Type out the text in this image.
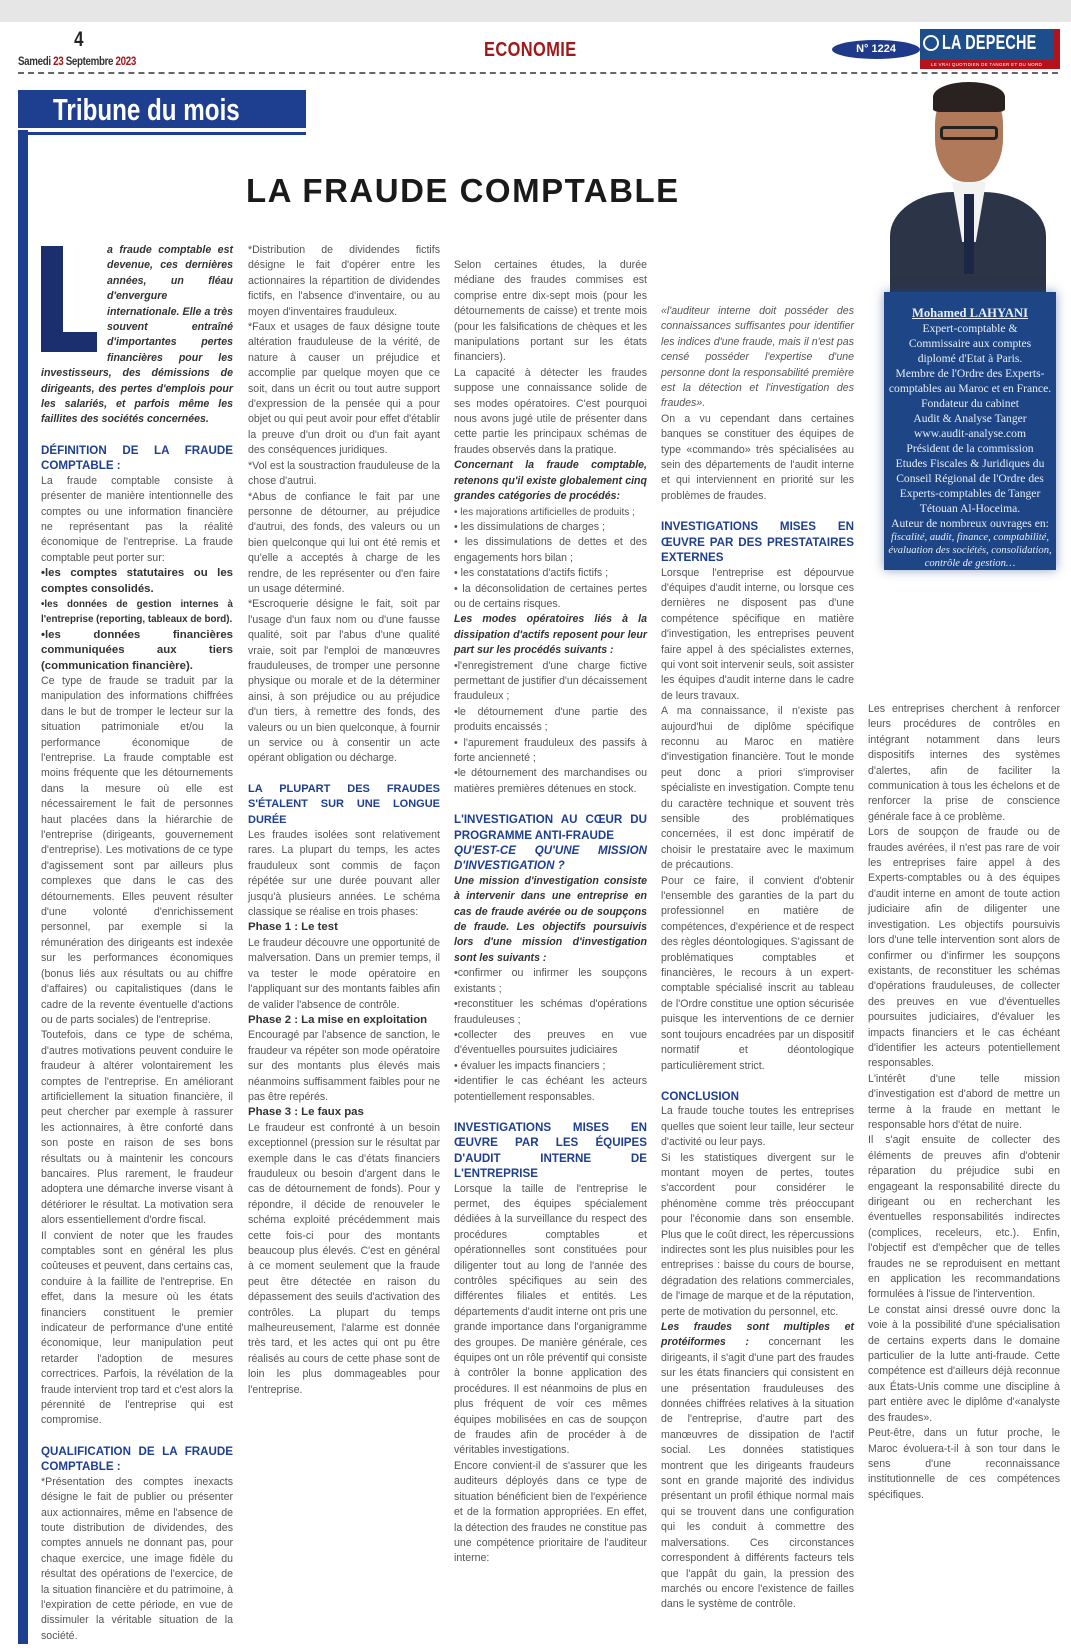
4
Samedi 23 Septembre 2023
ECONOMIE	N° 1224
LE VRAI QUOTIDIEN DE TANGER ET DU NORD
LA DEPECHE
Tribune du mois
LA FRAUDE COMPTABLE
Mohamed LAHYANI
Expert-comptable &
Commissaire aux comptes
diplomé d'Etat à Paris.
Membre de l'Ordre des Experts-
comptables au Maroc et en France.
Fondateur du cabinet
Audit & Analyse Tanger
www.audit-analyse.com
Président de la commission
Etudes Fiscales & Juridiques du
Conseil Régional de l'Ordre des
Experts-comptables de Tanger
Tétouan Al-Hoceima.
Auteur de nombreux ouvrages en:
fiscalité, audit, finance, comptabilité, évaluation des sociétés, consolidation, contrôle de gestion…

a fraude comptable est devenue, ces dernières années, un fléau d'envergure internationale. Elle a très souvent entraîné d'importantes pertes financières pour les investisseurs, des démissions de dirigeants, des pertes d'emplois pour les salariés, et parfois même les faillites des sociétés concernées.

DÉFINITION DE LA FRAUDE COMPTABLE :

La fraude comptable consiste à présenter de manière intentionnelle des comptes ou une information financière ne représentant pas la réalité économique de l'entreprise. La fraude comptable peut porter sur:

•les comptes statutaires ou les comptes consolidés.

•les données de gestion internes à l'entreprise (reporting, tableaux de bord).

•les données financières communiquées aux tiers (communication financière).

Ce type de fraude se traduit par la manipulation des informations chiffrées dans le but de tromper le lecteur sur la situation patrimoniale et/ou la performance économique de l'entreprise. La fraude comptable est moins fréquente que les détournements dans la mesure où elle est nécessairement le fait de personnes haut placées dans la hiérarchie de l'entreprise (dirigeants, gouvernement d'entreprise). Les motivations de ce type d'agissement sont par ailleurs plus complexes que dans le cas des détournements. Elles peuvent résulter d'une volonté d'enrichissement personnel, par exemple si la rémunération des dirigeants est indexée sur les performances économiques (bonus liés aux résultats ou au chiffre d'affaires) ou capitalistiques (dans le cadre de la revente éventuelle d'actions ou de parts sociales) de l'entreprise.

Toutefois, dans ce type de schéma, d'autres motivations peuvent conduire le fraudeur à altérer volontairement les comptes de l'entreprise. En améliorant artificiellement la situation financière, il peut chercher par exemple à rassurer les actionnaires, à être conforté dans son poste en raison de ses bons résultats ou à maintenir les concours bancaires. Plus rarement, le fraudeur adoptera une démarche inverse visant à détériorer le résultat. La motivation sera alors essentiellement d'ordre fiscal.

Il convient de noter que les fraudes comptables sont en général les plus coûteuses et peuvent, dans certains cas, conduire à la faillite de l'entreprise. En effet, dans la mesure où les états financiers constituent le premier indicateur de performance d'une entité économique, leur manipulation peut retarder l'adoption de mesures correctrices. Parfois, la révélation de la fraude intervient trop tard et c'est alors la pérennité de l'entreprise qui est compromise.

QUALIFICATION DE LA FRAUDE COMPTABLE :

*Présentation des comptes inexacts désigne le fait de publier ou présenter aux actionnaires, même en l'absence de toute distribution de dividendes, des comptes annuels ne donnant pas, pour chaque exercice, une image fidèle du résultat des opérations de l'exercice, de la situation financière et du patrimoine, à l'expiration de cette période, en vue de dissimuler la véritable situation de la société.

*Distribution de dividendes fictifs désigne le fait d'opérer entre les actionnaires la répartition de dividendes fictifs, en l'absence d'inventaire, ou au moyen d'inventaires frauduleux.

*Faux et usages de faux désigne toute altération frauduleuse de la vérité, de nature à causer un préjudice et accomplie par quelque moyen que ce soit, dans un écrit ou tout autre support d'expression de la pensée qui a pour objet ou qui peut avoir pour effet d'établir la preuve d'un droit ou d'un fait ayant des conséquences juridiques.

*Vol est la soustraction frauduleuse de la chose d'autrui.

*Abus de confiance le fait par une personne de détourner, au préjudice d'autrui, des fonds, des valeurs ou un bien quelconque qui lui ont été remis et qu'elle a acceptés à charge de les rendre, de les représenter ou d'en faire un usage déterminé.

*Escroquerie désigne le fait, soit par l'usage d'un faux nom ou d'une fausse qualité, soit par l'abus d'une qualité vraie, soit par l'emploi de manœuvres frauduleuses, de tromper une personne physique ou morale et de la déterminer ainsi, à son préjudice ou au préjudice d'un tiers, à remettre des fonds, des valeurs ou un bien quelconque, à fournir un service ou à consentir un acte opérant obligation ou décharge.

LA PLUPART DES FRAUDES S'ÉTALENT SUR UNE LONGUE DURÉE

Les fraudes isolées sont relativement rares. La plupart du temps, les actes frauduleux sont commis de façon répétée sur une durée pouvant aller jusqu'à plusieurs années. Le schéma classique se réalise en trois phases:

Phase 1 : Le test

Le fraudeur découvre une opportunité de malversation. Dans un premier temps, il va tester le mode opératoire en l'appliquant sur des montants faibles afin de valider l'absence de contrôle.

Phase 2 : La mise en exploitation

Encouragé par l'absence de sanction, le fraudeur va répéter son mode opératoire sur des montants plus élevés mais néanmoins suffisamment faibles pour ne pas être repérés.

Phase 3 : Le faux pas

Le fraudeur est confronté à un besoin exceptionnel (pression sur le résultat par exemple dans le cas d'états financiers frauduleux ou besoin d'argent dans le cas de détournement de fonds). Pour y répondre, il décide de renouveler le schéma exploité précédemment mais cette fois-ci pour des montants beaucoup plus élevés. C'est en général à ce moment seulement que la fraude peut être détectée en raison du dépassement des seuils d'activation des contrôles. La plupart du temps malheureusement, l'alarme est donnée très tard, et les actes qui ont pu être réalisés au cours de cette phase sont de loin les plus dommageables pour l'entreprise.

Selon certaines études, la durée médiane des fraudes commises est comprise entre dix-sept mois (pour les détournements de caisse) et trente mois (pour les falsifications de chèques et les manipulations portant sur les états financiers).

La capacité à détecter les fraudes suppose une connaissance solide de ses modes opératoires. C'est pourquoi nous avons jugé utile de présenter dans cette partie les principaux schémas de fraudes observés dans la pratique.

Concernant la fraude comptable, retenons qu'il existe globalement cinq grandes catégories de procédés:

• les majorations artificielles de produits ;

• les dissimulations de charges ;

• les dissimulations de dettes et des engagements hors bilan ;

• les constatations d'actifs fictifs ;

• la déconsolidation de certaines pertes ou de certains risques.

Les modes opératoires liés à la dissipation d'actifs reposent pour leur part sur les procédés suivants :

•l'enregistrement d'une charge fictive permettant de justifier d'un décaissement frauduleux ;

•le détournement d'une partie des produits encaissés ;

• l'apurement frauduleux des passifs à forte ancienneté ;

•le détournement des marchandises ou matières premières détenues en stock.

L'INVESTIGATION AU CŒUR DU PROGRAMME ANTI-FRAUDE
QU'EST-CE QU'UNE MISSION D'INVESTIGATION ?

Une mission d'investigation consiste à intervenir dans une entreprise en cas de fraude avérée ou de soupçons de fraude. Les objectifs poursuivis lors d'une mission d'investigation sont les suivants :

•confirmer ou infirmer les soupçons existants ;

•reconstituer les schémas d'opérations frauduleuses ;

•collecter des preuves en vue d'éventuelles poursuites judiciaires

• évaluer les impacts financiers ;

•identifier le cas échéant les acteurs potentiellement responsables.

INVESTIGATIONS MISES EN ŒUVRE PAR LES ÉQUIPES D'AUDIT INTERNE DE L'ENTREPRISE

Lorsque la taille de l'entreprise le permet, des équipes spécialement dédiées à la surveillance du respect des procédures comptables et opérationnelles sont constituées pour diligenter tout au long de l'année des contrôles spécifiques au sein des différentes filiales et entités. Les départements d'audit interne ont pris une grande importance dans l'organigramme des groupes. De manière générale, ces équipes ont un rôle préventif qui consiste à contrôler la bonne application des procédures. Il est néanmoins de plus en plus fréquent de voir ces mêmes équipes mobilisées en cas de soupçon de fraudes afin de procéder à de véritables investigations.

Encore convient-il de s'assurer que les auditeurs déployés dans ce type de situation bénéficient bien de l'expérience et de la formation appropriées. En effet, la détection des fraudes ne constitue pas une compétence prioritaire de l'auditeur interne:

«l'auditeur interne doit posséder des connaissances suffisantes pour identifier les indices d'une fraude, mais il n'est pas censé posséder l'expertise d'une personne dont la responsabilité première est la détection et l'investigation des fraudes».

On a vu cependant dans certaines banques se constituer des équipes de type «commando» très spécialisées au sein des départements de l'audit interne et qui interviennent en priorité sur les problèmes de fraudes.

INVESTIGATIONS MISES EN ŒUVRE PAR DES PRESTATAIRES EXTERNES

Lorsque l'entreprise est dépourvue d'équipes d'audit interne, ou lorsque ces dernières ne disposent pas d'une compétence spécifique en matière d'investigation, les entreprises peuvent faire appel à des spécialistes externes, qui vont soit intervenir seuls, soit assister les équipes d'audit interne dans le cadre de leurs travaux.

A ma connaissance, il n'existe pas aujourd'hui de diplôme spécifique reconnu au Maroc en matière d'investigation financière. Tout le monde peut donc a priori s'improviser spécialiste en investigation. Compte tenu du caractère technique et souvent très sensible des problématiques concernées, il est donc impératif de choisir le prestataire avec le maximum de précautions.

Pour ce faire, il convient d'obtenir l'ensemble des garanties de la part du professionnel en matière de compétences, d'expérience et de respect des règles déontologiques. S'agissant de problématiques comptables et financières, le recours à un expert-comptable spécialisé inscrit au tableau de l'Ordre constitue une option sécurisée puisque les interventions de ce dernier sont toujours encadrées par un dispositif normatif et déontologique particulièrement strict.

CONCLUSION

La fraude touche toutes les entreprises quelles que soient leur taille, leur secteur d'activité ou leur pays.

Si les statistiques divergent sur le montant moyen de pertes, toutes s'accordent pour considérer le phénomène comme très préoccupant pour l'économie dans son ensemble. Plus que le coût direct, les répercussions indirectes sont les plus nuisibles pour les entreprises : baisse du cours de bourse, dégradation des relations commerciales, de l'image de marque et de la réputation, perte de motivation du personnel, etc.

Les fraudes sont multiples et protéiformes : concernant les dirigeants, il s'agit d'une part des fraudes sur les états financiers qui consistent en une présentation frauduleuses des données chiffrées relatives à la situation de l'entreprise, d'autre part des manœuvres de dissipation de l'actif social. Les données statistiques montrent que les dirigeants fraudeurs sont en grande majorité des individus présentant un profil éthique normal mais qui se trouvent dans une configuration qui les conduit à commettre des malversations. Ces circonstances correspondent à différents facteurs tels que l'appât du gain, la pression des marchés ou encore l'existence de failles dans le système de contrôle.

Les entreprises cherchent à renforcer leurs procédures de contrôles en intégrant notamment dans leurs dispositifs internes des systèmes d'alertes, afin de faciliter la communication à tous les échelons et de renforcer la prise de conscience générale face à ce problème.

Lors de soupçon de fraude ou de fraudes avérées, il n'est pas rare de voir les entreprises faire appel à des Experts-comptables ou à des équipes d'audit interne en amont de toute action judiciaire afin de diligenter une investigation. Les objectifs poursuivis lors d'une telle intervention sont alors de confirmer ou d'infirmer les soupçons existants, de reconstituer les schémas d'opérations frauduleuses, de collecter des preuves en vue d'éventuelles poursuites judiciaires, d'évaluer les impacts financiers et le cas échéant d'identifier les acteurs potentiellement responsables.

L'intérêt d'une telle mission d'investigation est d'abord de mettre un terme à la fraude en mettant le responsable hors d'état de nuire.

Il s'agit ensuite de collecter des éléments de preuves afin d'obtenir réparation du préjudice subi en engageant la responsabilité directe du dirigeant ou en recherchant les éventuelles responsabilités indirectes (complices, receleurs, etc.). Enfin, l'objectif est d'empêcher que de telles fraudes ne se reproduisent en mettant en application les recommandations formulées à l'issue de l'intervention.

Le constat ainsi dressé ouvre donc la voie à la possibilité d'une spécialisation de certains experts dans le domaine particulier de la lutte anti-fraude. Cette compétence est d'ailleurs déjà reconnue aux États-Unis comme une discipline à part entière avec le diplôme d'«analyste des fraudes».

Peut-être, dans un futur proche, le Maroc évoluera-t-il à son tour dans le sens d'une reconnaissance institutionnelle de ces compétences spécifiques.
